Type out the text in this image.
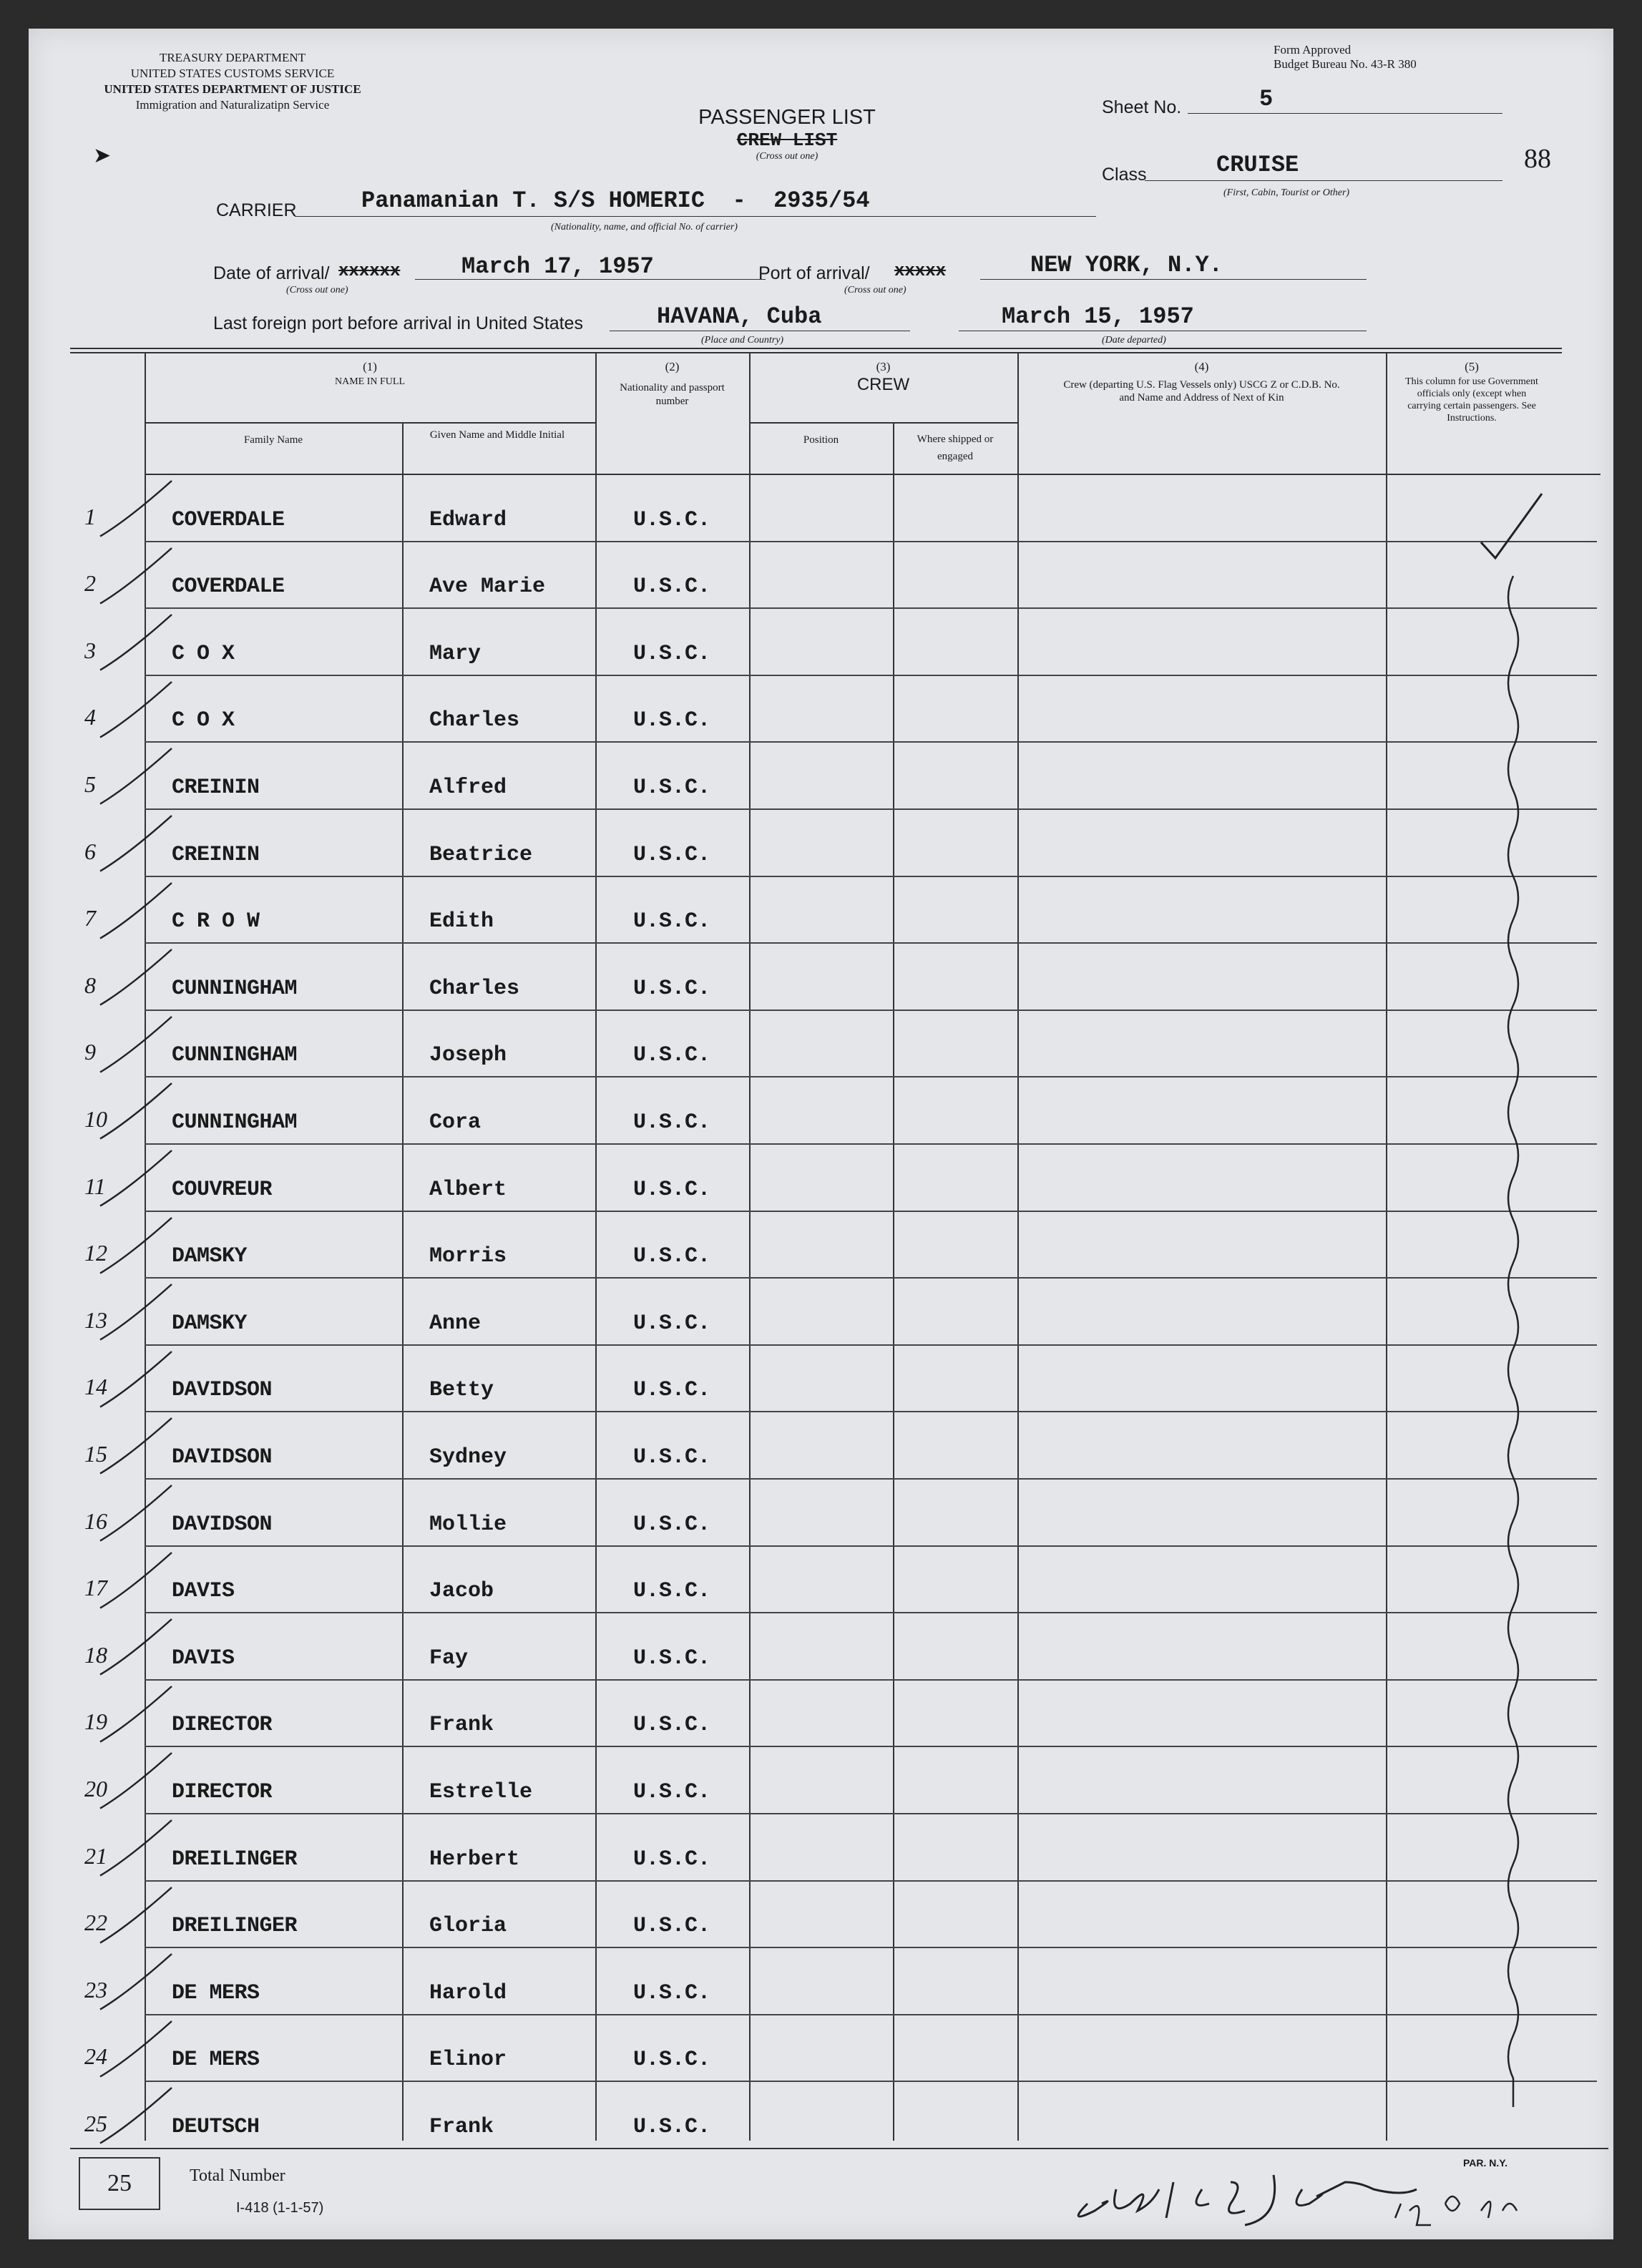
TREASURY DEPARTMENT
UNITED STATES CUSTOMS SERVICE
UNITED STATES DEPARTMENT OF JUSTICE
Immigration and Naturalizatipn Service
➤
Form Approved
Budget Bureau No. 43-R 380
PASSENGER LIST
CREW LIST
(Cross out one)
Sheet No.	5
88
Class	CRUISE
(First, Cabin, Tourist or Other)
CARRIER	Panamanian T. S/S HOMERIC  -  2935/54
(Nationality, name, and official No. of carrier)
Date of arrival/ xxxxxx	March 17, 1957
(Cross out one)
Port of arrival/ xxxxx	NEW YORK, N.Y.
(Cross out one)
Last foreign port before arrival in United States	HAVANA, Cuba
(Place and Country)
March 15, 1957
(Date departed)
(1)
NAME IN FULL
Family Name	Given Name and Middle Initial
(2)
Nationality and passport number
(3)
CREW
Position	Where shipped or engaged
(4)
Crew (departing U.S. Flag Vessels only) USCG Z or C.D.B. No. and Name and Address of Next of Kin
(5)
This column for use Government officials only (except when carrying certain passengers. See Instructions.
1	COVERDALE	Edward	U.S.C.
2	COVERDALE	Ave Marie	U.S.C.
3	C O X	Mary	U.S.C.
4	C O X	Charles	U.S.C.
5	CREININ	Alfred	U.S.C.
6	CREININ	Beatrice	U.S.C.
7	C R O W	Edith	U.S.C.
8	CUNNINGHAM	Charles	U.S.C.
9	CUNNINGHAM	Joseph	U.S.C.
10	CUNNINGHAM	Cora	U.S.C.
11	COUVREUR	Albert	U.S.C.
12	DAMSKY	Morris	U.S.C.
13	DAMSKY	Anne	U.S.C.
14	DAVIDSON	Betty	U.S.C.
15	DAVIDSON	Sydney	U.S.C.
16	DAVIDSON	Mollie	U.S.C.
17	DAVIS	Jacob	U.S.C.
18	DAVIS	Fay	U.S.C.
19	DIRECTOR	Frank	U.S.C.
20	DIRECTOR	Estrelle	U.S.C.
21	DREILINGER	Herbert	U.S.C.
22	DREILINGER	Gloria	U.S.C.
23	DE MERS	Harold	U.S.C.
24	DE MERS	Elinor	U.S.C.
25	DEUTSCH	Frank	U.S.C.
25	Total Number
I-418 (1-1-57)
PAR. N.Y.
